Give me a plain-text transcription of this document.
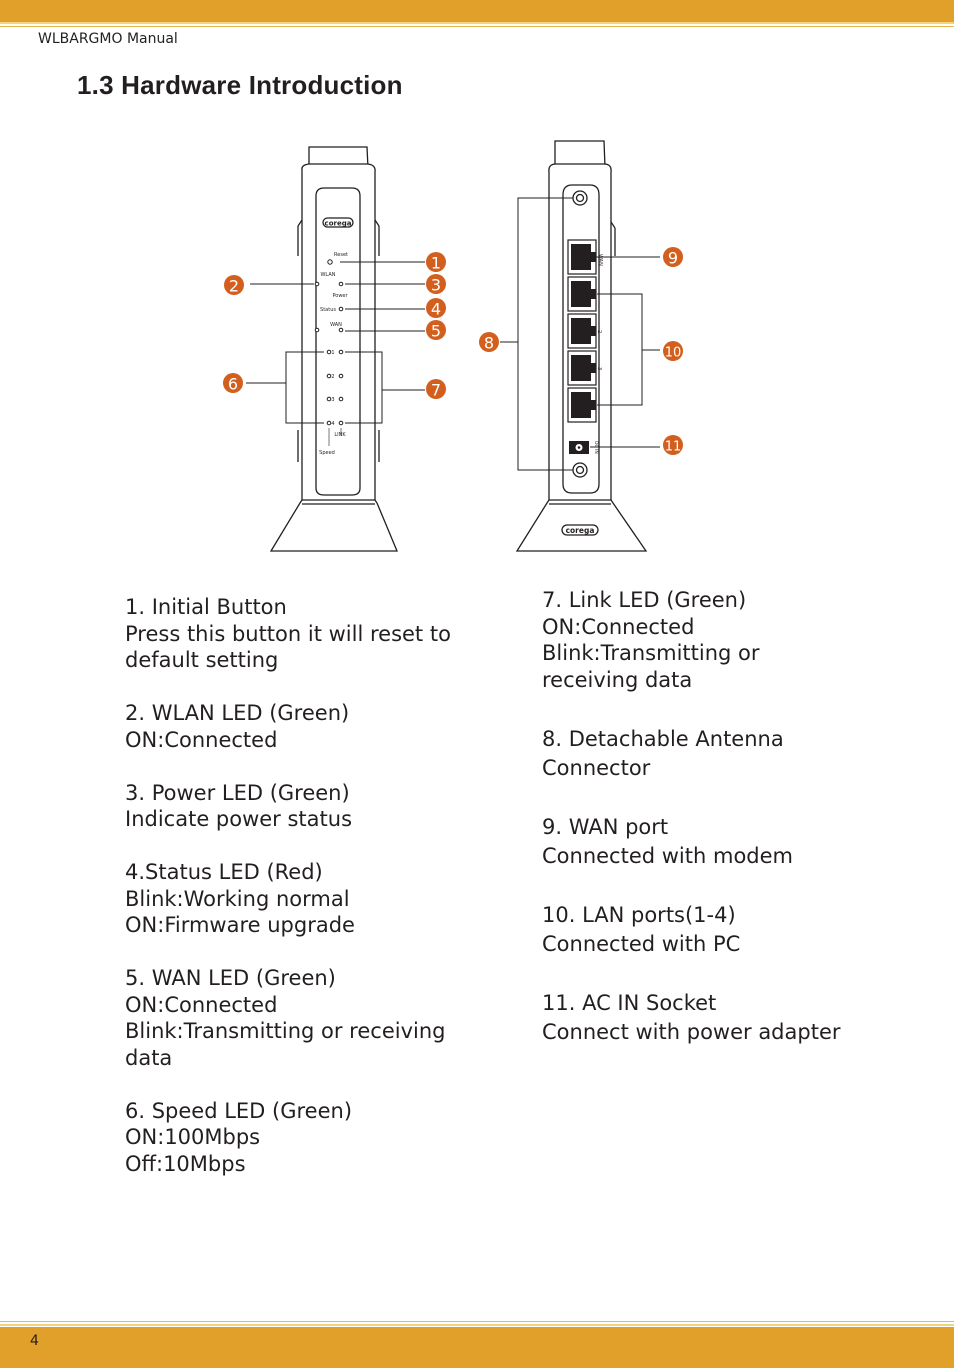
WLBARGMO Manual
1.3 Hardware Introduction
corega
Reset
WLAN
Power
Status
WAN
1
2
3
4
LINK
Speed
corega
WAN
2
3
DC IN
1
2	3
4
5
6	7
8
9
10
11

1. Initial Button

Press this button it will reset to

default setting

2. WLAN LED (Green)

ON:Connected

3. Power LED (Green)

Indicate power status

4.Status LED (Red)

Blink:Working normal

ON:Firmware upgrade

5. WAN LED (Green)

ON:Connected

Blink:Transmitting or receiving

data

6. Speed LED (Green)

ON:100Mbps

Off:10Mbps

7. Link LED (Green)

ON:Connected

Blink:Transmitting or

receiving data

8. Detachable Antenna

Connector

9. WAN port

Connected with modem

10. LAN ports(1-4)

Connected with PC

11. AC IN Socket

Connect with power adapter

4
